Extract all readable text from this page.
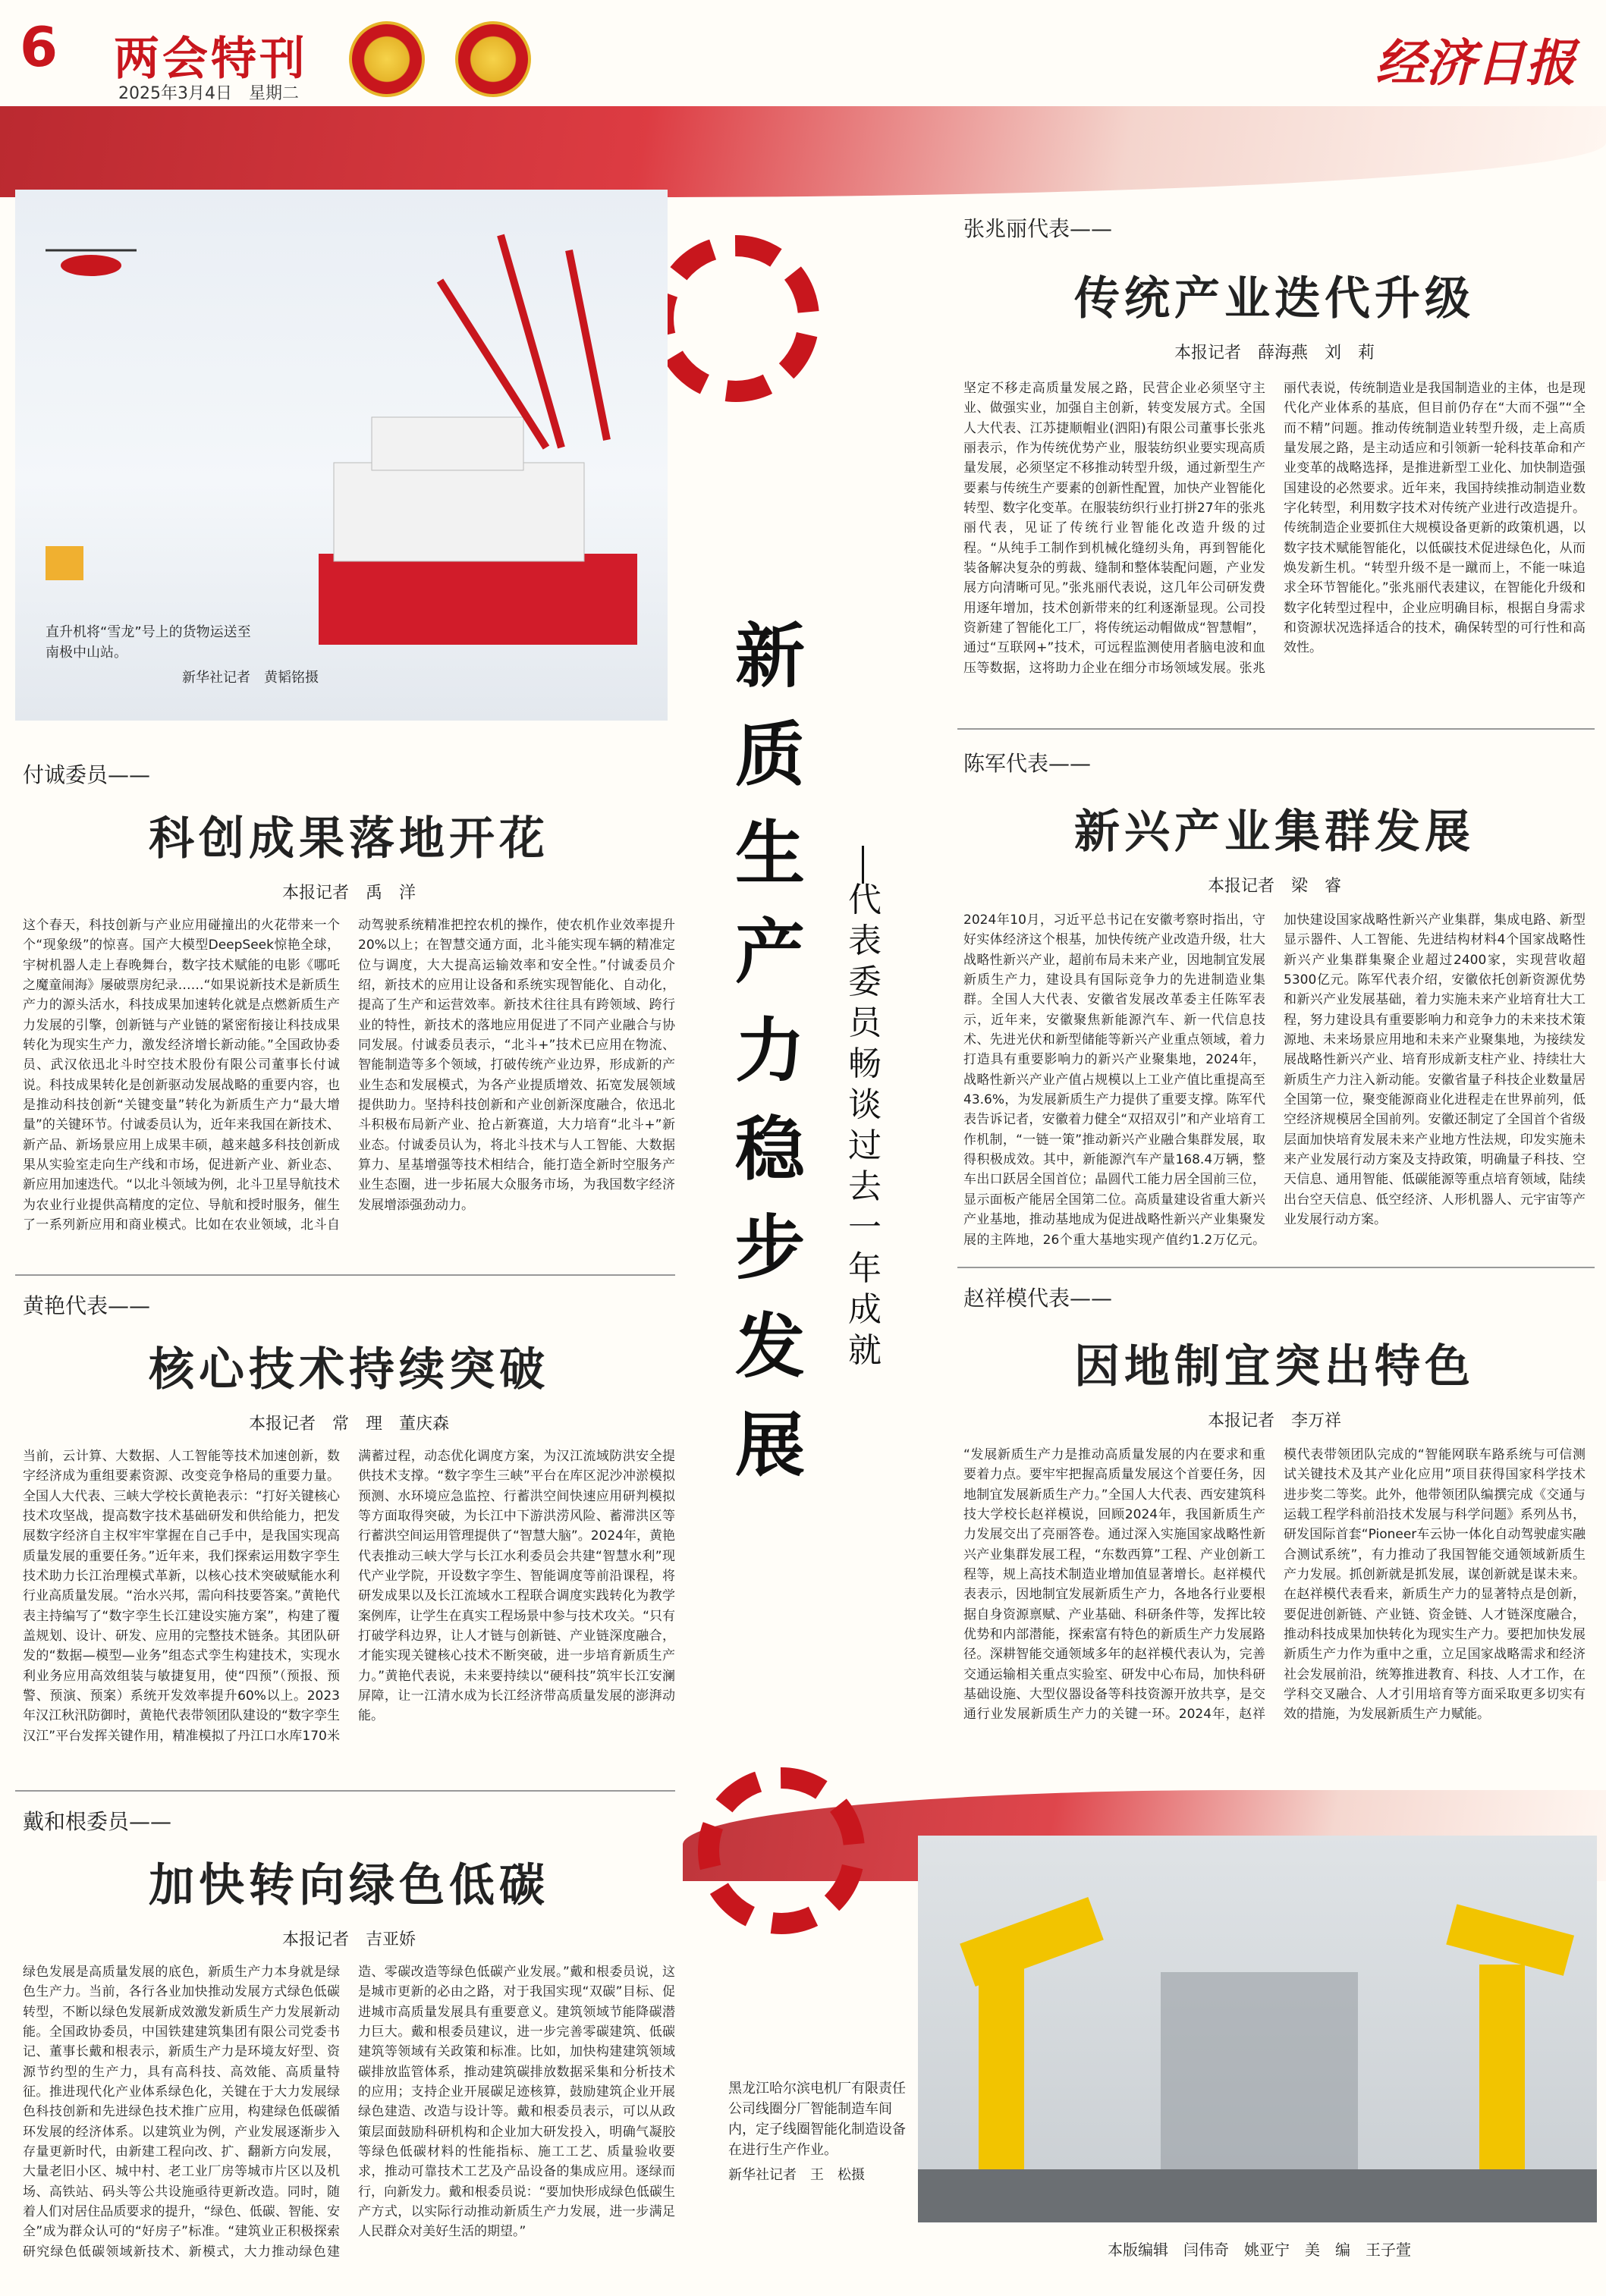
6 两会特刊
2025年3月4日　星期二
经济日报
直升机将“雪龙”号上的货物运送至
南极中山站。
新华社记者　黄韬铭摄	新
质
生
产
力
稳
步
发
展
代
表
委
员
畅
谈
过
去
一
年
成
就
张兆丽代表——
传统产业迭代升级
本报记者　薛海燕　刘　莉
坚定不移走高质量发展之路，民营企业必须坚守主业、做强实业，加强自主创新，转变发展方式。全国人大代表、江苏捷顺帽业(泗阳)有限公司董事长张兆丽表示，作为传统优势产业，服装纺织业要实现高质量发展，必须坚定不移推动转型升级，通过新型生产要素与传统生产要素的创新性配置，加快产业智能化转型、数字化变革。在服装纺织行业打拼27年的张兆丽代表，见证了传统行业智能化改造升级的过程。“从纯手工制作到机械化缝纫头角，再到智能化装备解决复杂的剪裁、缝制和整体装配问题，产业发展方向清晰可见。”张兆丽代表说，这几年公司研发费用逐年增加，技术创新带来的红利逐渐显现。公司投资新建了智能化工厂，将传统运动帽做成“智慧帽”，通过“互联网+”技术，可远程监测使用者脑电波和血压等数据，这将助力企业在细分市场领域发展。张兆丽代表说，传统制造业是我国制造业的主体，也是现代化产业体系的基底，但目前仍存在“大而不强”“全而不精”问题。推动传统制造业转型升级，走上高质量发展之路，是主动适应和引领新一轮科技革命和产业变革的战略选择，是推进新型工业化、加快制造强国建设的必然要求。近年来，我国持续推动制造业数字化转型，利用数字技术对传统产业进行改造提升。传统制造企业要抓住大规模设备更新的政策机遇，以数字技术赋能智能化，以低碳技术促进绿色化，从而焕发新生机。“转型升级不是一蹴而上，不能一味追求全环节智能化。”张兆丽代表建议，在智能化升级和数字化转型过程中，企业应明确目标，根据自身需求和资源状况选择适合的技术，确保转型的可行性和高效性。
付诚委员——
科创成果落地开花
本报记者　禹　洋
这个春天，科技创新与产业应用碰撞出的火花带来一个个“现象级”的惊喜。国产大模型DeepSeek惊艳全球，宇树机器人走上春晚舞台，数字技术赋能的电影《哪吒之魔童闹海》屡破票房纪录……“如果说新技术是新质生产力的源头活水，科技成果加速转化就是点燃新质生产力发展的引擎，创新链与产业链的紧密衔接让科技成果转化为现实生产力，激发经济增长新动能。”全国政协委员、武汉依迅北斗时空技术股份有限公司董事长付诚说。科技成果转化是创新驱动发展战略的重要内容，也是推动科技创新“关键变量”转化为新质生产力“最大增量”的关键环节。付诚委员认为，近年来我国在新技术、新产品、新场景应用上成果丰硕，越来越多科技创新成果从实验室走向生产线和市场，促进新产业、新业态、新应用加速迭代。“以北斗领域为例，北斗卫星导航技术为农业行业提供高精度的定位、导航和授时服务，催生了一系列新应用和商业模式。比如在农业领域，北斗自动驾驶系统精准把控农机的操作，使农机作业效率提升20%以上；在智慧交通方面，北斗能实现车辆的精准定位与调度，大大提高运输效率和安全性。”付诚委员介绍，新技术的应用让设备和系统实现智能化、自动化，提高了生产和运营效率。新技术往往具有跨领域、跨行业的特性，新技术的落地应用促进了不同产业融合与协同发展。付诚委员表示，“北斗+”技术已应用在物流、智能制造等多个领域，打破传统产业边界，形成新的产业生态和发展模式，为各产业提质增效、拓宽发展领域提供助力。坚持科技创新和产业创新深度融合，依迅北斗积极布局新产业、抢占新赛道，大力培育“北斗+”新业态。付诚委员认为，将北斗技术与人工智能、大数据算力、星基增强等技术相结合，能打造全新时空服务产业生态圈，进一步拓展大众服务市场，为我国数字经济发展增添强劲动力。
陈军代表——
新兴产业集群发展
本报记者　梁　睿
2024年10月，习近平总书记在安徽考察时指出，守好实体经济这个根基，加快传统产业改造升级，壮大战略性新兴产业，超前布局未来产业，因地制宜发展新质生产力，建设具有国际竞争力的先进制造业集群。全国人大代表、安徽省发展改革委主任陈军表示，近年来，安徽聚焦新能源汽车、新一代信息技术、先进光伏和新型储能等新兴产业重点领域，着力打造具有重要影响力的新兴产业聚集地，2024年，战略性新兴产业产值占规模以上工业产值比重提高至43.6%，为发展新质生产力提供了重要支撑。陈军代表告诉记者，安徽着力健全“双招双引”和产业培育工作机制，“一链一策”推动新兴产业融合集群发展，取得积极成效。其中，新能源汽车产量168.4万辆，整车出口跃居全国首位；晶圆代工能力居全国前三位，显示面板产能居全国第二位。高质量建设省重大新兴产业基地，推动基地成为促进战略性新兴产业集聚发展的主阵地，26个重大基地实现产值约1.2万亿元。加快建设国家战略性新兴产业集群，集成电路、新型显示器件、人工智能、先进结构材料4个国家战略性新兴产业集群集聚企业超过2400家，实现营收超5300亿元。陈军代表介绍，安徽依托创新资源优势和新兴产业发展基础，着力实施未来产业培育壮大工程，努力建设具有重要影响力和竞争力的未来技术策源地、未来场景应用地和未来产业聚集地，为接续发展战略性新兴产业、培育形成新支柱产业、持续壮大新质生产力注入新动能。安徽省量子科技企业数量居全国第一位，聚变能源商业化进程走在世界前列，低空经济规模居全国前列。安徽还制定了全国首个省级层面加快培育发展未来产业地方性法规，印发实施未来产业发展行动方案及支持政策，明确量子科技、空天信息、通用智能、低碳能源等重点培育领域，陆续出台空天信息、低空经济、人形机器人、元宇宙等产业发展行动方案。
黄艳代表——
核心技术持续突破
本报记者　常　理　董庆森
当前，云计算、大数据、人工智能等技术加速创新，数字经济成为重组要素资源、改变竞争格局的重要力量。全国人大代表、三峡大学校长黄艳表示：“打好关键核心技术攻坚战，提高数字技术基础研发和供给能力，把发展数字经济自主权牢牢掌握在自己手中，是我国实现高质量发展的重要任务。”近年来，我们探索运用数字孪生技术助力长江治理模式革新，以核心技术突破赋能水利行业高质量发展。“治水兴邦，需向科技要答案。”黄艳代表主持编写了“数字孪生长江建设实施方案”，构建了覆盖规划、设计、研发、应用的完整技术链条。其团队研发的“数据—模型—业务”组态式孪生构建技术，实现水利业务应用高效组装与敏捷复用，使“四预”（预报、预警、预演、预案）系统开发效率提升60%以上。2023年汉江秋汛防御时，黄艳代表带领团队建设的“数字孪生汉江”平台发挥关键作用，精准模拟了丹江口水库170米满蓄过程，动态优化调度方案，为汉江流域防洪安全提供技术支撑。“数字孪生三峡”平台在库区泥沙冲淤模拟预测、水环境应急监控、行蓄洪空间快速应用研判模拟等方面取得突破，为长江中下游洪涝风险、蓄滞洪区等行蓄洪空间运用管理提供了“智慧大脑”。2024年，黄艳代表推动三峡大学与长江水利委员会共建“智慧水利”现代产业学院，开设数字孪生、智能调度等前沿课程，将研发成果以及长江流域水工程联合调度实践转化为教学案例库，让学生在真实工程场景中参与技术攻关。“只有打破学科边界，让人才链与创新链、产业链深度融合，才能实现关键核心技术不断突破，进一步培育新质生产力。”黄艳代表说，未来要持续以“硬科技”筑牢长江安澜屏障，让一江清水成为长江经济带高质量发展的澎湃动能。
赵祥模代表——
因地制宜突出特色
本报记者　李万祥
“发展新质生产力是推动高质量发展的内在要求和重要着力点。要牢牢把握高质量发展这个首要任务，因地制宜发展新质生产力。”全国人大代表、西安建筑科技大学校长赵祥模说，回顾2024年，我国新质生产力发展交出了亮丽答卷。通过深入实施国家战略性新兴产业集群发展工程，“东数西算”工程、产业创新工程等，规上高技术制造业增加值显著增长。赵祥模代表表示，因地制宜发展新质生产力，各地各行业要根据自身资源禀赋、产业基础、科研条件等，发挥比较优势和内部潜能，探索富有特色的新质生产力发展路径。深耕智能交通领域多年的赵祥模代表认为，完善交通运输相关重点实验室、研发中心布局，加快科研基础设施、大型仪器设备等科技资源开放共享，是交通行业发展新质生产力的关键一环。2024年，赵祥模代表带领团队完成的“智能网联车路系统与可信测试关键技术及其产业化应用”项目获得国家科学技术进步奖二等奖。此外，他带领团队编撰完成《交通与运载工程学科前沿技术发展与科学问题》系列丛书，研发国际首套“Pioneer车云协一体化自动驾驶虚实融合测试系统”，有力推动了我国智能交通领域新质生产力发展。抓创新就是抓发展，谋创新就是谋未来。在赵祥模代表看来，新质生产力的显著特点是创新，要促进创新链、产业链、资金链、人才链深度融合，推动科技成果加快转化为现实生产力。要把加快发展新质生产力作为重中之重，立足国家战略需求和经济社会发展前沿，统筹推进教育、科技、人才工作，在学科交叉融合、人才引用培育等方面采取更多切实有效的措施，为发展新质生产力赋能。
戴和根委员——
加快转向绿色低碳
本报记者　吉亚娇
绿色发展是高质量发展的底色，新质生产力本身就是绿色生产力。当前，各行各业加快推动发展方式绿色低碳转型，不断以绿色发展新成效激发新质生产力发展新动能。全国政协委员，中国铁建建筑集团有限公司党委书记、董事长戴和根表示，新质生产力是环境友好型、资源节约型的生产力，具有高科技、高效能、高质量特征。推进现代化产业体系绿色化，关键在于大力发展绿色科技创新和先进绿色技术推广应用，构建绿色低碳循环发展的经济体系。以建筑业为例，产业发展逐渐步入存量更新时代，由新建工程向改、扩、翻新方向发展，大量老旧小区、城中村、老工业厂房等城市片区以及机场、高铁站、码头等公共设施亟待更新改造。同时，随着人们对居住品质要求的提升，“绿色、低碳、智能、安全”成为群众认可的“好房子”标准。“建筑业正积极探索研究绿色低碳领域新技术、新模式，大力推动绿色建造、零碳改造等绿色低碳产业发展。”戴和根委员说，这是城市更新的必由之路，对于我国实现“双碳”目标、促进城市高质量发展具有重要意义。建筑领域节能降碳潜力巨大。戴和根委员建议，进一步完善零碳建筑、低碳建筑等领域有关政策和标准。比如，加快构建建筑领域碳排放监管体系，推动建筑碳排放数据采集和分析技术的应用；支持企业开展碳足迹核算，鼓励建筑企业开展绿色建造、改造与设计等。戴和根委员表示，可以从政策层面鼓励科研机构和企业加大研发投入，明确气凝胶等绿色低碳材料的性能指标、施工工艺、质量验收要求，推动可靠技术工艺及产品设备的集成应用。逐绿而行，向新发力。戴和根委员说：“要加快形成绿色低碳生产方式，以实际行动推动新质生产力发展，进一步满足人民群众对美好生活的期望。”
黑龙江哈尔滨电机厂有限责任公司线圈分厂智能制造车间内，定子线圈智能化制造设备在进行生产作业。
新华社记者　王　松摄
本版编辑　闫伟奇　姚亚宁　美　编　王子萱
